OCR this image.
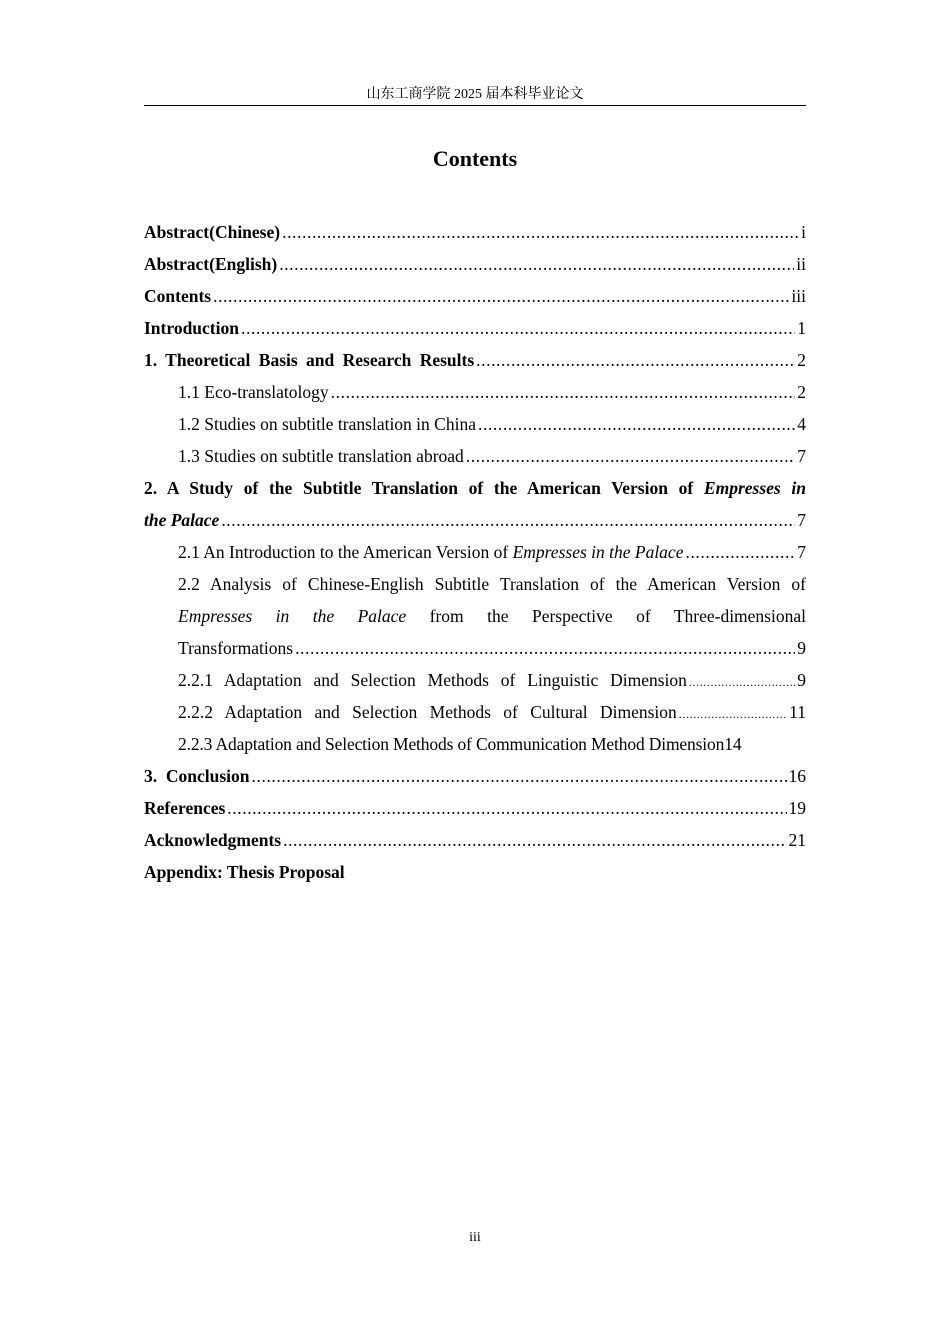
山东工商学院 2025 届本科毕业论文
Contents
Abstract(Chinese) .....	i
Abstract(English) .....	ii
Contents .....	iii
Introduction .....	1
1. Theoretical Basis and Research Results .....	2
1.1 Eco-translatology .....	2
1.2 Studies on subtitle translation in China .....	4
1.3 Studies on subtitle translation abroad .....	7
2. A Study of the Subtitle Translation of the American Version of Empresses in
the Palace .....	7
2.1 An Introduction to the American Version of
Empresses in the Palace .....	7
2.2 Analysis of Chinese-English Subtitle Translation of the American Version of
Empresses in the Palace from the Perspective of Three-dimensional
Transformations .....	9
2.2.1 Adaptation and Selection Methods of Linguistic Dimension .....	9
2.2.2 Adaptation and Selection Methods of Cultural Dimension .....	11
2.2.3 Adaptation and Selection Methods of Communication Method Dimension 14
3.  Conclusion .....	16
References .....	19
Acknowledgments .....	21
Appendix: Thesis Proposal
iii
